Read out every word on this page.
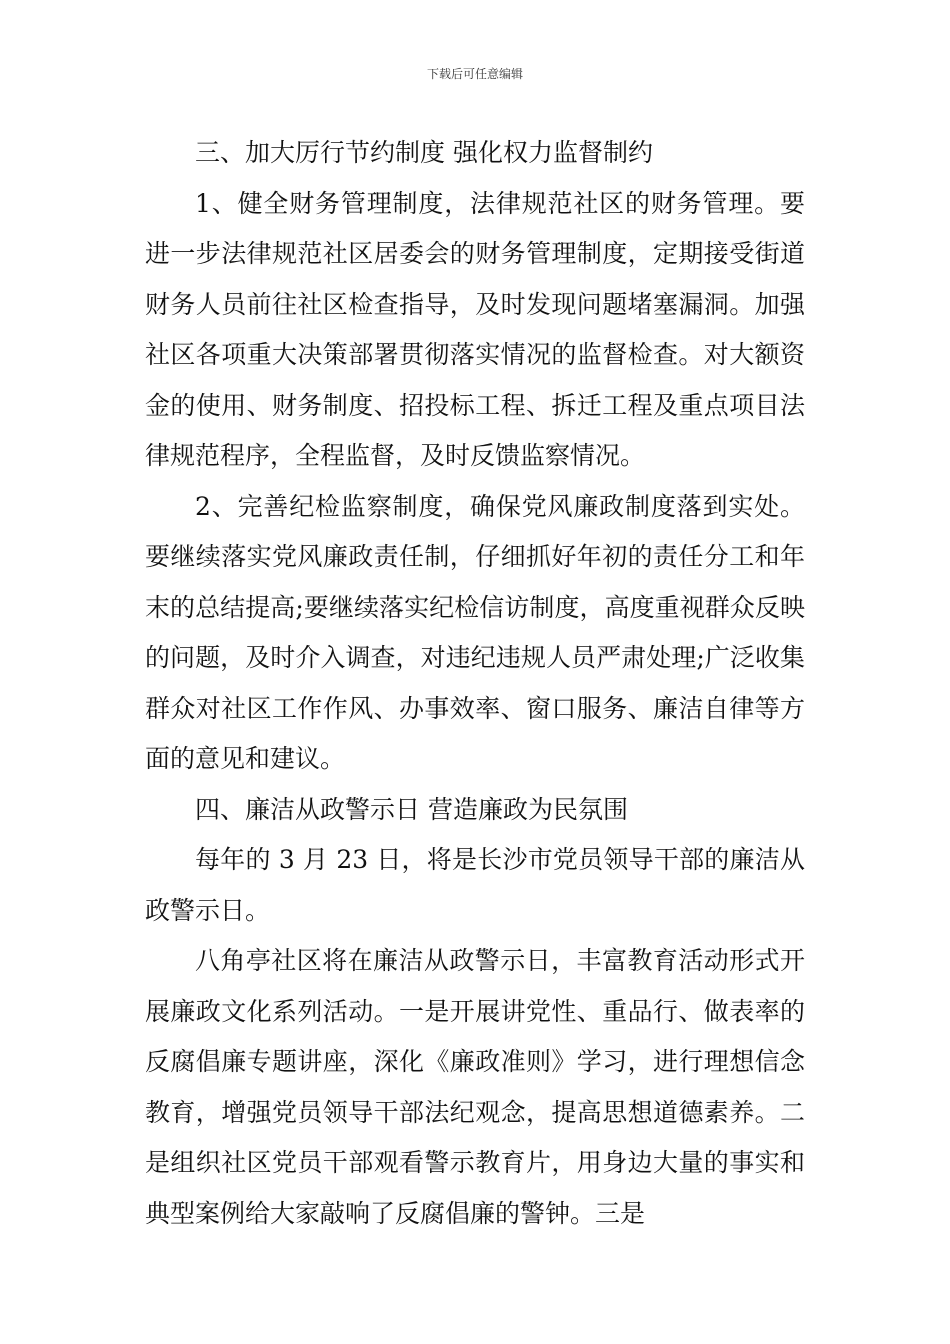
下载后可任意编辑

三、加大厉行节约制度 强化权力监督制约

1、健全财务管理制度，法律规范社区的财务管理。要进一步法律规范社区居委会的财务管理制度，定期接受街道财务人员前往社区检查指导，及时发现问题堵塞漏洞。加强社区各项重大决策部署贯彻落实情况的监督检查。对大额资金的使用、财务制度、招投标工程、拆迁工程及重点项目法律规范程序，全程监督，及时反馈监察情况。

2、完善纪检监察制度，确保党风廉政制度落到实处。要继续落实党风廉政责任制，仔细抓好年初的责任分工和年末的总结提高;要继续落实纪检信访制度，高度重视群众反映的问题，及时介入调查，对违纪违规人员严肃处理;广泛收集群众对社区工作作风、办事效率、窗口服务、廉洁自律等方面的意见和建议。

四、廉洁从政警示日 营造廉政为民氛围

每年的 3 月 23 日，将是长沙市党员领导干部的廉洁从政警示日。

八角亭社区将在廉洁从政警示日，丰富教育活动形式开展廉政文化系列活动。一是开展讲党性、重品行、做表率的反腐倡廉专题讲座，深化《廉政准则》学习，进行理想信念教育，增强党员领导干部法纪观念，提高思想道德素养。二是组织社区党员干部观看警示教育片，用身边大量的事实和典型案例给大家敲响了反腐倡廉的警钟。三是
